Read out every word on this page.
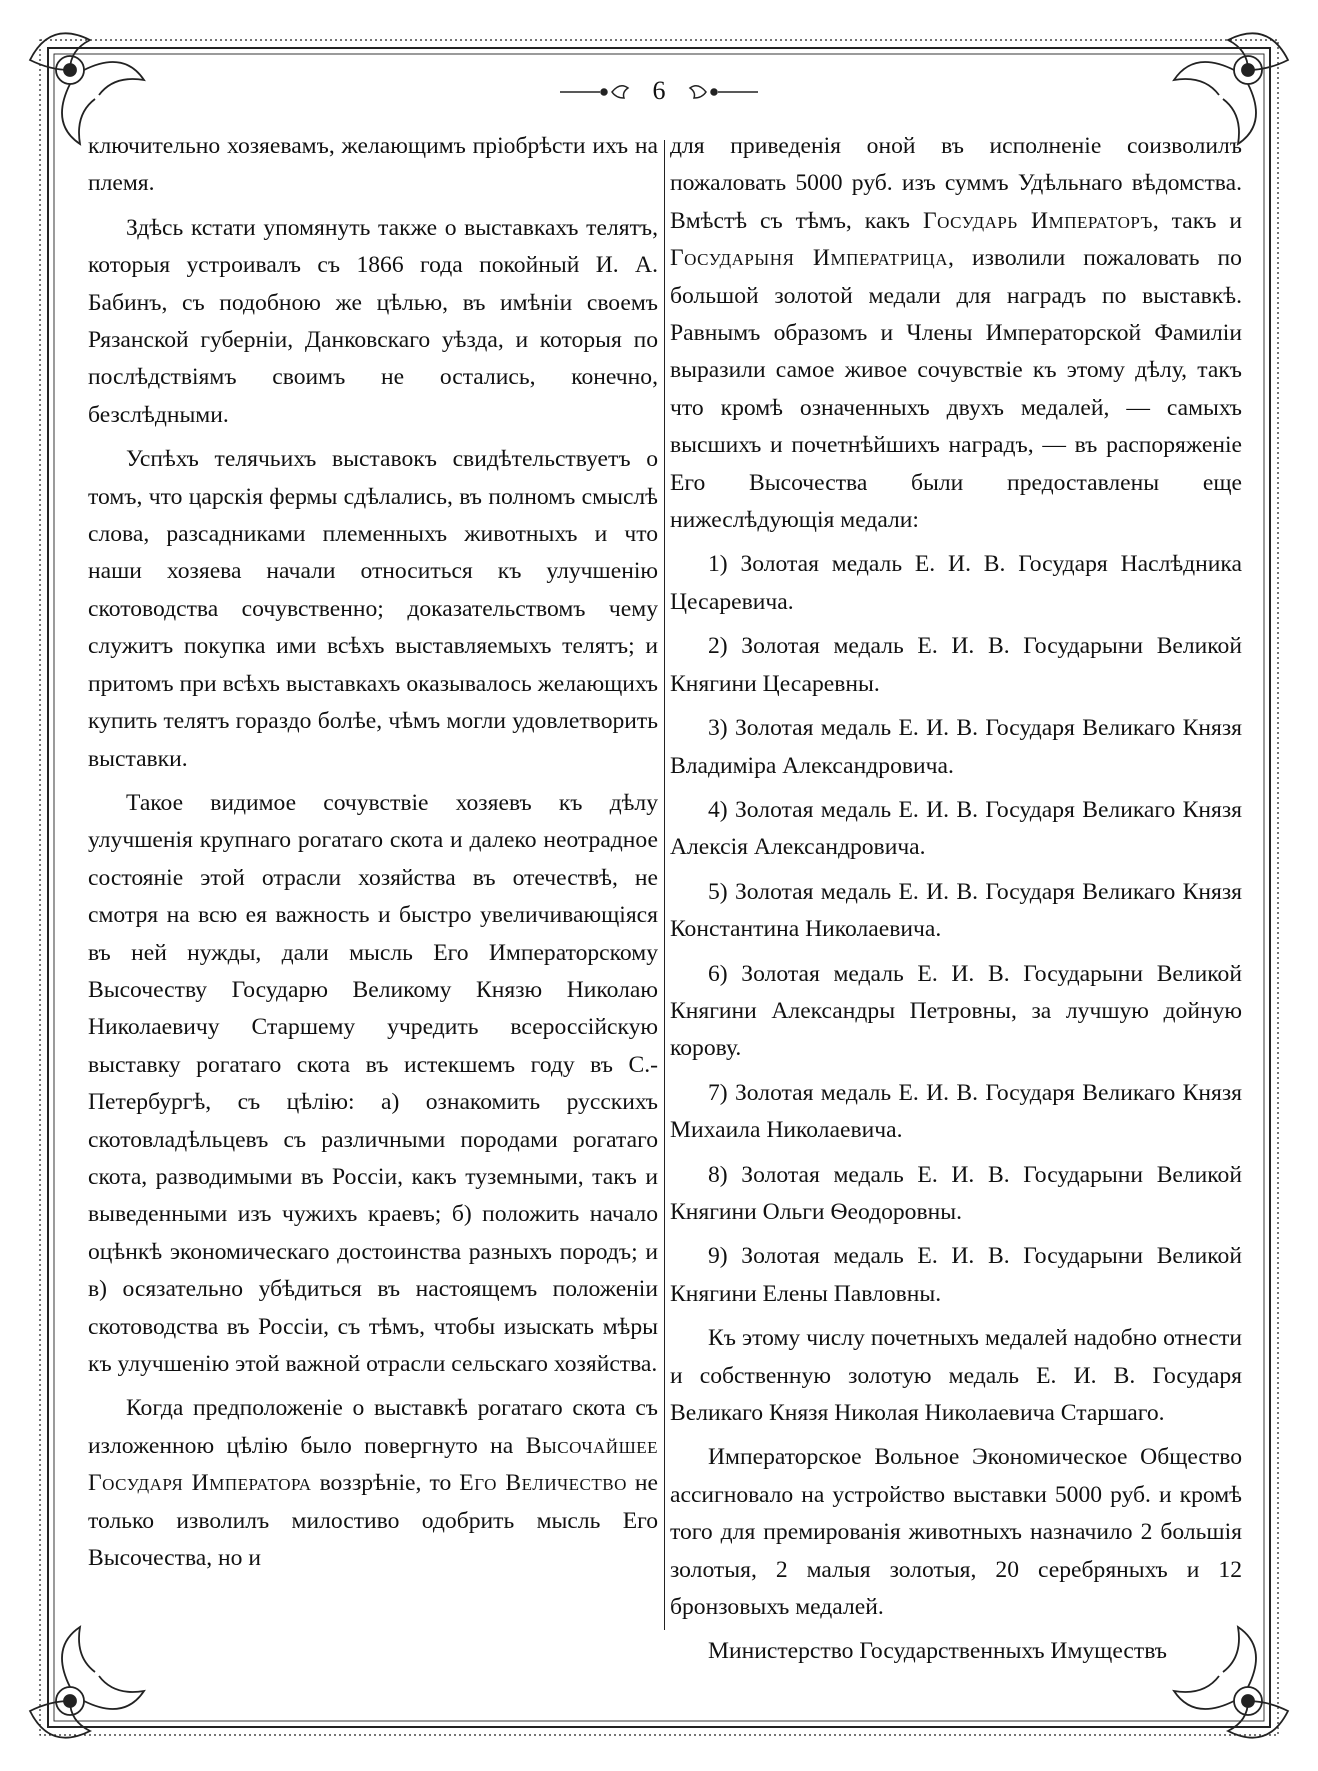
6

ключительно хозяевамъ, желающимъ пріобрѣсти ихъ на племя.

Здѣсь кстати упомянуть также о выставкахъ телятъ, которыя устроивалъ съ 1866 года покойный И. А. Бабинъ, съ подобною же цѣлью, въ имѣніи своемъ Рязанской губерніи, Данковскаго уѣзда, и которыя по послѣдствіямъ своимъ не остались, конечно, безслѣдными.

Успѣхъ телячьихъ выставокъ свидѣтельствуетъ о томъ, что царскія фермы сдѣлались, въ полномъ смыслѣ слова, разсадниками племенныхъ животныхъ и что наши хозяева начали относиться къ улучшенію скотоводства сочувственно; доказательствомъ чему служитъ покупка ими всѣхъ выставляемыхъ телятъ; и притомъ при всѣхъ выставкахъ оказывалось желающихъ купить телятъ гораздо болѣе, чѣмъ могли удовлетворить выставки.

Такое видимое сочувствіе хозяевъ къ дѣлу улучшенія крупнаго рогатаго скота и далеко неотрадное состояніе этой отрасли хозяйства въ отечествѣ, не смотря на всю ея важность и быстро увеличивающіяся въ ней нужды, дали мысль Его Императорскому Высочеству Государю Великому Князю Николаю Николаевичу Старшему учредить всероссійскую выставку рогатаго скота въ истекшемъ году въ С.-Петербургѣ, съ цѣлію: а) ознакомить русскихъ скотовладѣльцевъ съ различными породами рогатаго скота, разводимыми въ Россіи, какъ туземными, такъ и выведенными изъ чужихъ краевъ; б) положить начало оцѣнкѣ экономическаго достоинства разныхъ породъ; и в) осязательно убѣдиться въ настоящемъ положеніи скотоводства въ Россіи, съ тѣмъ, чтобы изыскать мѣры къ улучшенію этой важной отрасли сельскаго хозяйства.

Когда предположеніе о выставкѣ рогатаго скота съ изложенною цѣлію было повергнуто на Высочайшее Государя Императора воззрѣніе, то Его Величество не только изволилъ милостиво одобрить мысль Его Высочества, но и

для приведенія оной въ исполненіе соизволилъ пожаловать 5000 руб. изъ суммъ Удѣльнаго вѣдомства. Вмѣстѣ съ тѣмъ, какъ Государь Императоръ, такъ и Государыня Императрица, изволили пожаловать по большой золотой медали для наградъ по выставкѣ. Равнымъ образомъ и Члены Императорской Фамиліи выразили самое живое сочувствіе къ этому дѣлу, такъ что кромѣ означенныхъ двухъ медалей, — самыхъ высшихъ и почетнѣйшихъ наградъ, — въ распоряженіе Его Высочества были предоставлены еще нижеслѣдующія медали:

1) Золотая медаль Е. И. В. Государя Наслѣдника Цесаревича.

2) Золотая медаль Е. И. В. Государыни Великой Княгини Цесаревны.

3) Золотая медаль Е. И. В. Государя Великаго Князя Владиміра Александровича.

4) Золотая медаль Е. И. В. Государя Великаго Князя Алексія Александровича.

5) Золотая медаль Е. И. В. Государя Великаго Князя Константина Николаевича.

6) Золотая медаль Е. И. В. Государыни Великой Княгини Александры Петровны, за лучшую дойную корову.

7) Золотая медаль Е. И. В. Государя Великаго Князя Михаила Николаевича.

8) Золотая медаль Е. И. В. Государыни Великой Княгини Ольги Ѳеодоровны.

9) Золотая медаль Е. И. В. Государыни Великой Княгини Елены Павловны.

Къ этому числу почетныхъ медалей надобно отнести и собственную золотую медаль Е. И. В. Государя Великаго Князя Николая Николаевича Старшаго.

Императорское Вольное Экономическое Общество ассигновало на устройство выставки 5000 руб. и кромѣ того для премированія животныхъ назначило 2 большія золотыя, 2 малыя золотыя, 20 серебряныхъ и 12 бронзовыхъ медалей.

Министерство Государственныхъ Имуществъ
